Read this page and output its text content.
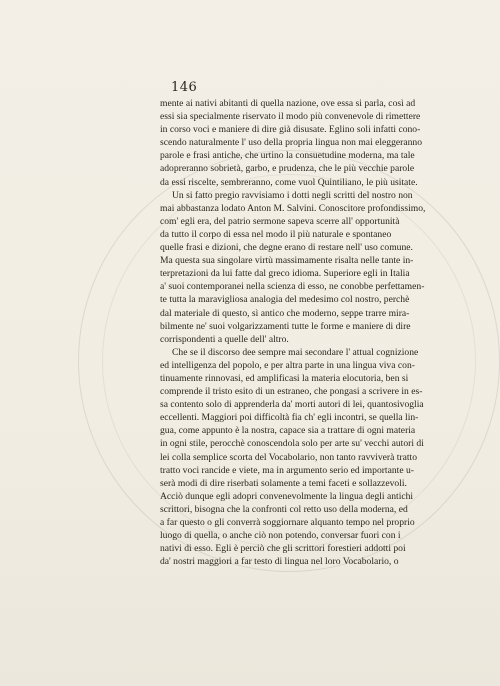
146
mente ai nativi abitanti di quella nazione, ove essa si parla, così ad
essi sia specialmente riservato il modo più convenevole di rimettere
in corso voci e maniere di dire già disusate. Eglino soli infatti cono-
scendo naturalmente l' uso della propria lingua non mai eleggeranno
parole e frasi antiche, che urtino la consuetudine moderna, ma tale
adopreranno sobrietà, garbo, e prudenza, che le più vecchie parole
da essi riscelte, sembreranno, come vuol Quintiliano, le più usitate.
Un si fatto pregio ravvisiamo i dotti negli scritti del nostro non
mai abbastanza lodato Anton M. Salvini. Conoscitore profondissimo,
com' egli era, del patrio sermone sapeva scerre all' opportunità
da tutto il corpo di essa nel modo il più naturale e spontaneo
quelle frasi e dizioni, che degne erano di restare nell' uso comune.
Ma questa sua singolare virtù massimamente risalta nelle tante in-
terpretazioni da lui fatte dal greco idioma. Superiore egli in Italia
a' suoi contemporanei nella scienza di esso, ne conobbe perfettamen-
te tutta la maravigliosa analogia del medesimo col nostro, perchè
dal materiale di questo, sì antico che moderno, seppe trarre mira-
bilmente ne' suoi volgarizzamenti tutte le forme e maniere di dire
corrispondenti a quelle dell' altro.
Che se il discorso dee sempre mai secondare l' attual cognizione
ed intelligenza del popolo, e per altra parte in una lingua viva con-
tinuamente rinnovasi, ed amplificasi la materia elocutoria, ben si
comprende il tristo esito di un estraneo, che pongasi a scrivere in es-
sa contento solo di apprenderla da' morti autori di lei, quantosivoglia
eccellenti. Maggiori poi difficoltà fia ch' egli incontri, se quella lin-
gua, come appunto è la nostra, capace sia a trattare di ogni materia
in ogni stile, perocchè conoscendola solo per arte su' vecchi autori di
lei colla semplice scorta del Vocabolario, non tanto ravviverà tratto
tratto voci rancide e viete, ma in argumento serio ed importante u-
serà modi di dire riserbati solamente a temi faceti e sollazzevoli.
Acciò dunque egli adopri convenevolmente la lingua degli antichi
scrittori, bisogna che la confronti col retto uso della moderna, ed
a far questo o gli converrà soggiornare alquanto tempo nel proprio
luogo di quella, o anche ciò non potendo, conversar fuori con i
nativi di esso. Egli è perciò che gli scrittori forestieri addotti poi
da' nostri maggiori a far testo di lingua nel loro Vocabolario, o
